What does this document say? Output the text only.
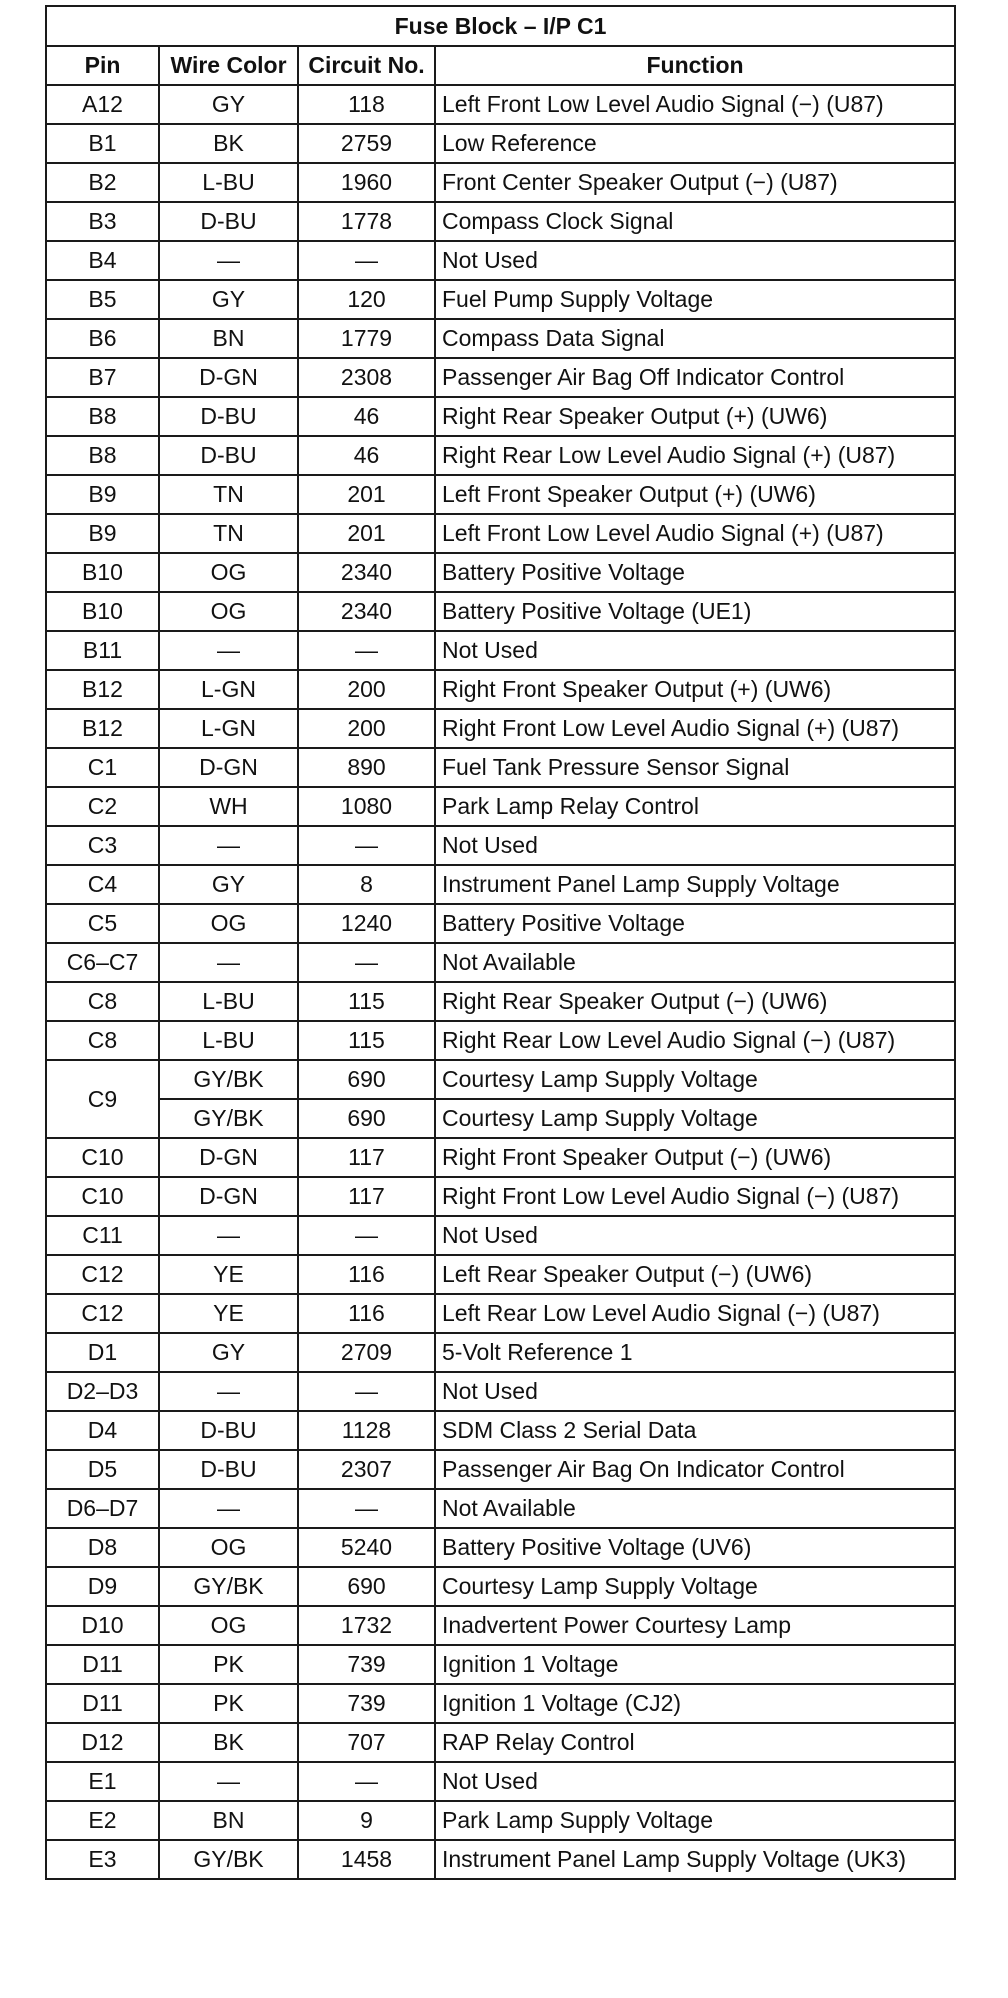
Fuse Block – I/P C1			
Pin	Wire Color	Circuit No.	Function
A12	GY	118	Left Front Low Level Audio Signal (−) (U87)
B1	BK	2759	Low Reference
B2	L-BU	1960	Front Center Speaker Output (−) (U87)
B3	D-BU	1778	Compass Clock Signal
B4	—	—	Not Used
B5	GY	120	Fuel Pump Supply Voltage
B6	BN	1779	Compass Data Signal
B7	D-GN	2308	Passenger Air Bag Off Indicator Control
B8	D-BU	46	Right Rear Speaker Output (+) (UW6)
B8	D-BU	46	Right Rear Low Level Audio Signal (+) (U87)
B9	TN	201	Left Front Speaker Output (+) (UW6)
B9	TN	201	Left Front Low Level Audio Signal (+) (U87)
B10	OG	2340	Battery Positive Voltage
B10	OG	2340	Battery Positive Voltage (UE1)
B11	—	—	Not Used
B12	L-GN	200	Right Front Speaker Output (+) (UW6)
B12	L-GN	200	Right Front Low Level Audio Signal (+) (U87)
C1	D-GN	890	Fuel Tank Pressure Sensor Signal
C2	WH	1080	Park Lamp Relay Control
C3	—	—	Not Used
C4	GY	8	Instrument Panel Lamp Supply Voltage
C5	OG	1240	Battery Positive Voltage
C6–C7	—	—	Not Available
C8	L-BU	115	Right Rear Speaker Output (−) (UW6)
C8	L-BU	115	Right Rear Low Level Audio Signal (−) (U87)
C9	GY/BK	690	Courtesy Lamp Supply Voltage
	GY/BK	690	Courtesy Lamp Supply Voltage
C10	D-GN	117	Right Front Speaker Output (−) (UW6)
C10	D-GN	117	Right Front Low Level Audio Signal (−) (U87)
C11	—	—	Not Used
C12	YE	116	Left Rear Speaker Output (−) (UW6)
C12	YE	116	Left Rear Low Level Audio Signal (−) (U87)
D1	GY	2709	5-Volt Reference 1
D2–D3	—	—	Not Used
D4	D-BU	1128	SDM Class 2 Serial Data
D5	D-BU	2307	Passenger Air Bag On Indicator Control
D6–D7	—	—	Not Available
D8	OG	5240	Battery Positive Voltage (UV6)
D9	GY/BK	690	Courtesy Lamp Supply Voltage
D10	OG	1732	Inadvertent Power Courtesy Lamp
D11	PK	739	Ignition 1 Voltage
D11	PK	739	Ignition 1 Voltage (CJ2)
D12	BK	707	RAP Relay Control
E1	—	—	Not Used
E2	BN	9	Park Lamp Supply Voltage
E3	GY/BK	1458	Instrument Panel Lamp Supply Voltage (UK3)
